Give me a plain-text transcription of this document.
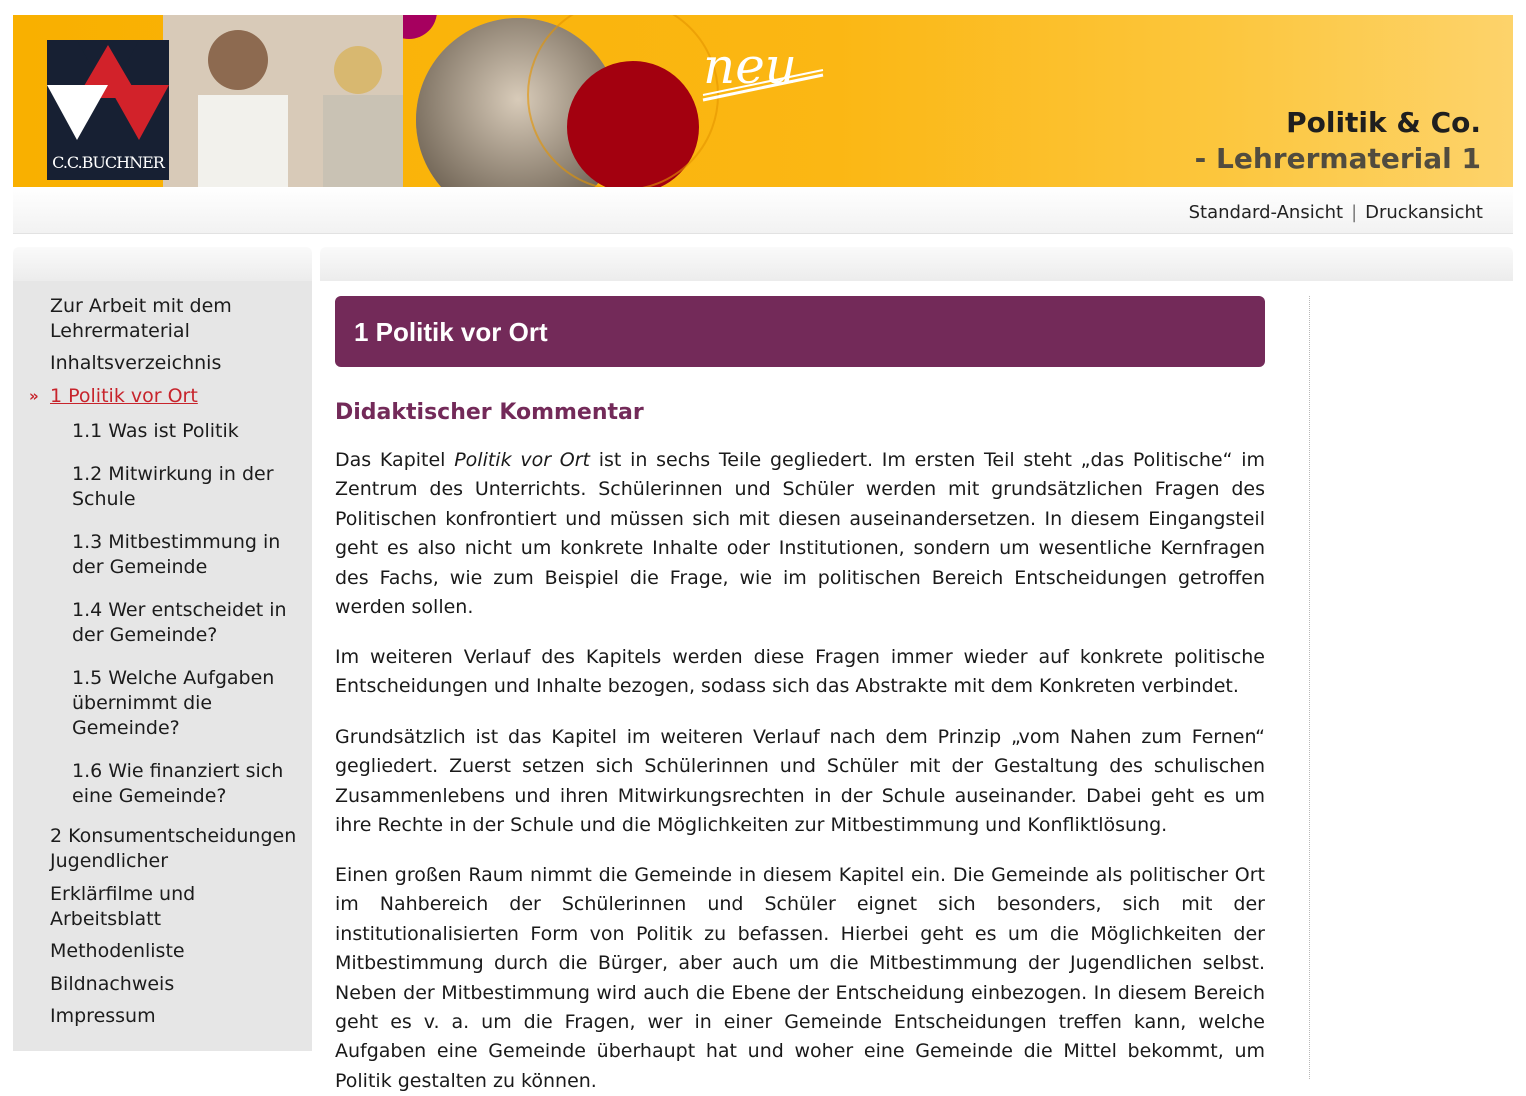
neu
C.C.BUCHNER
Politik & Co.
- Lehrermaterial 1
Standard-Ansicht | Druckansicht
Zur Arbeit mit dem Lehrermaterial
Inhaltsverzeichnis
» 1 Politik vor Ort
1.1 Was ist Politik
1.2 Mitwirkung in der Schule
1.3 Mitbestimmung in der Gemeinde
1.4 Wer entscheidet in der Gemeinde?
1.5 Welche Aufgaben übernimmt die Gemeinde?
1.6 Wie finanziert sich eine Gemeinde?
2 Konsumentscheidungen Jugendlicher
Erklärfilme und Arbeitsblatt
Methodenliste
Bildnachweis
Impressum
1 Politik vor Ort
Didaktischer Kommentar
Das Kapitel Politik vor Ort ist in sechs Teile gegliedert. Im ersten Teil steht „das Politische“ im Zentrum des Unterrichts. Schülerinnen und Schüler werden mit grundsätzlichen Fragen des Politischen konfrontiert und müssen sich mit diesen auseinandersetzen. In diesem Eingangsteil geht es also nicht um konkrete Inhalte oder Institutionen, sondern um wesentliche Kernfragen des Fachs, wie zum Beispiel die Frage, wie im politischen Bereich Entscheidungen getroffen werden sollen.
Im weiteren Verlauf des Kapitels werden diese Fragen immer wieder auf konkrete politische Entscheidungen und Inhalte bezogen, sodass sich das Abstrakte mit dem Konkreten verbindet.
Grundsätzlich ist das Kapitel im weiteren Verlauf nach dem Prinzip „vom Nahen zum Fernen“ gegliedert. Zuerst setzen sich Schülerinnen und Schüler mit der Gestaltung des schulischen Zusammenlebens und ihren Mitwirkungsrechten in der Schule auseinander. Dabei geht es um ihre Rechte in der Schule und die Möglichkeiten zur Mitbestimmung und Konfliktlösung.
Einen großen Raum nimmt die Gemeinde in diesem Kapitel ein. Die Gemeinde als politischer Ort im Nahbereich der Schülerinnen und Schüler eignet sich besonders, sich mit der institutionalisierten Form von Politik zu befassen. Hierbei geht es um die Möglichkeiten der Mitbestimmung durch die Bürger, aber auch um die Mitbestimmung der Jugendlichen selbst. Neben der Mitbestimmung wird auch die Ebene der Entscheidung einbezogen. In diesem Bereich geht es v. a. um die Fragen, wer in einer Gemeinde Entscheidungen treffen kann, welche Aufgaben eine Gemeinde überhaupt hat und woher eine Gemeinde die Mittel bekommt, um Politik gestalten zu können.
